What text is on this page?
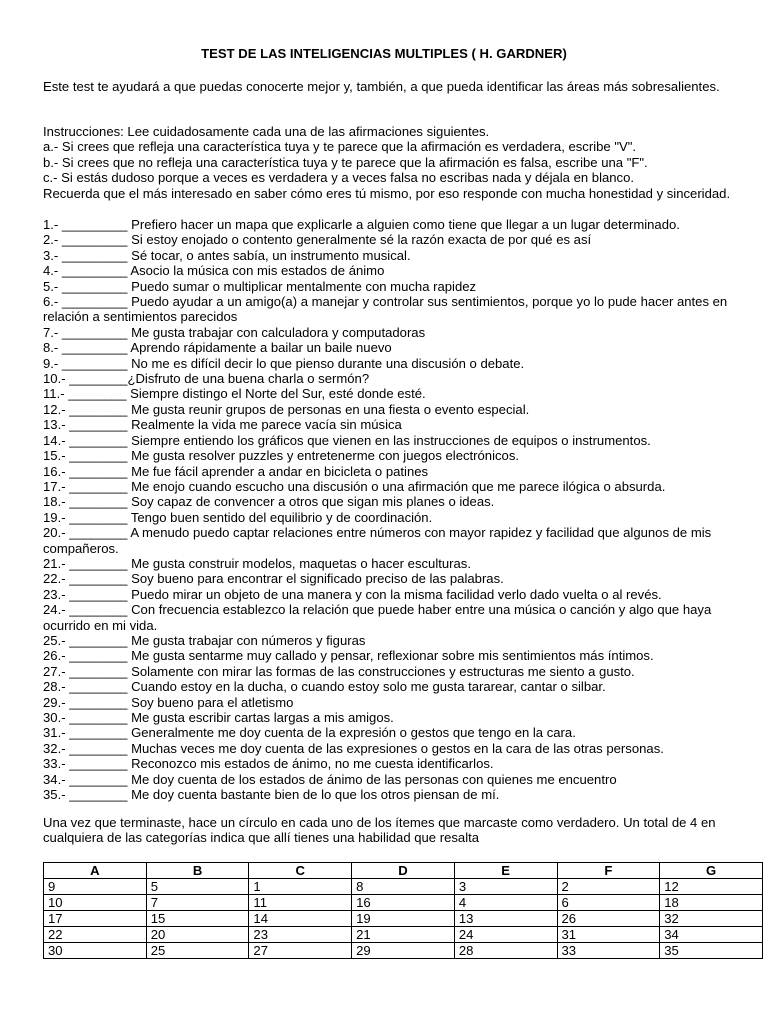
TEST DE LAS INTELIGENCIAS MULTIPLES ( H. GARDNER)

Este test te ayudará a que puedas conocerte mejor y, también, a que pueda identificar las áreas más sobresalientes.

Instrucciones: Lee cuidadosamente cada una de las afirmaciones siguientes.

a.- Si crees que refleja una característica tuya y te parece que la afirmación es verdadera, escribe "V".

b.- Si crees que no refleja una característica tuya y te parece que la afirmación es falsa, escribe una "F".

c.- Si estás dudoso porque a veces es verdadera y a veces falsa no escribas nada y déjala en blanco.

Recuerda que el más interesado en saber cómo eres tú mismo, por eso responde con mucha honestidad y sinceridad.

1.- _________ Prefiero hacer un mapa que explicarle a alguien como tiene que llegar a un lugar determinado.

2.- _________ Si estoy enojado o contento generalmente sé la razón exacta de por qué es así

3.- _________ Sé tocar, o antes sabía, un instrumento musical.

4.- _________ Asocio la música con mis estados de ánimo

5.- _________ Puedo sumar o multiplicar mentalmente con mucha rapidez

6.- _________ Puedo ayudar a un amigo(a) a manejar y controlar sus sentimientos, porque yo lo pude hacer antes en relación a sentimientos parecidos

7.- _________ Me gusta trabajar con calculadora y computadoras

8.- _________ Aprendo rápidamente a bailar un baile nuevo

9.- _________ No me es difícil decir lo que pienso durante una discusión o debate.

10.- ________¿Disfruto de una buena charla o sermón?

11.- ________ Siempre distingo el Norte del Sur, esté donde esté.

12.- ________ Me gusta reunir grupos de personas en una fiesta o evento especial.

13.- ________ Realmente la vida me parece vacía sin música

14.- ________ Siempre entiendo los gráficos que vienen en las instrucciones de equipos o instrumentos.

15.- ________ Me gusta resolver puzzles y entretenerme con juegos electrónicos.

16.- ________ Me fue fácil aprender a andar en bicicleta o patines

17.- ________ Me enojo cuando escucho una discusión o una afirmación que me parece ilógica o absurda.

18.- ________ Soy capaz de convencer a otros que sigan mis planes o ideas.

19.- ________ Tengo buen sentido del equilibrio y de coordinación.

20.- ________ A menudo puedo captar relaciones entre números con mayor rapidez y facilidad que algunos de mis compañeros.

21.- ________ Me gusta construir modelos, maquetas o hacer esculturas.

22.- ________ Soy bueno para encontrar el significado preciso de las palabras.

23.- ________ Puedo mirar un objeto de una manera y con la misma facilidad verlo dado vuelta o al revés.

24.- ________ Con frecuencia establezco la relación que puede haber entre una música o canción y algo que haya ocurrido en mi vida.

25.- ________ Me gusta trabajar con números y figuras

26.- ________ Me gusta sentarme muy callado y pensar, reflexionar sobre mis sentimientos más íntimos.

27.- ________ Solamente con mirar las formas de las construcciones y estructuras me siento a gusto.

28.- ________ Cuando estoy en la ducha, o cuando estoy solo me gusta tararear, cantar o silbar.

29.- ________ Soy bueno para el atletismo

30.- ________ Me gusta escribir cartas largas a mis amigos.

31.- ________ Generalmente me doy cuenta de la expresión o gestos que tengo en la cara.

32.- ________ Muchas veces me doy cuenta de las expresiones o gestos en la cara de las otras personas.

33.- ________ Reconozco mis estados de ánimo, no me cuesta identificarlos.

34.- ________ Me doy cuenta de los estados de ánimo de las personas con quienes me encuentro

35.- ________ Me doy cuenta bastante bien de lo que los otros piensan de mí.

Una vez que terminaste, hace un círculo en cada uno de los ítemes que marcaste como verdadero. Un total de 4 en cualquiera de las categorías indica que allí tienes una habilidad que resalta

A	B	C	D	E	F	G
9	5	1	8	3	2	12
10	7	11	16	4	6	18
17	15	14	19	13	26	32
22	20	23	21	24	31	34
30	25	27	29	28	33	35
